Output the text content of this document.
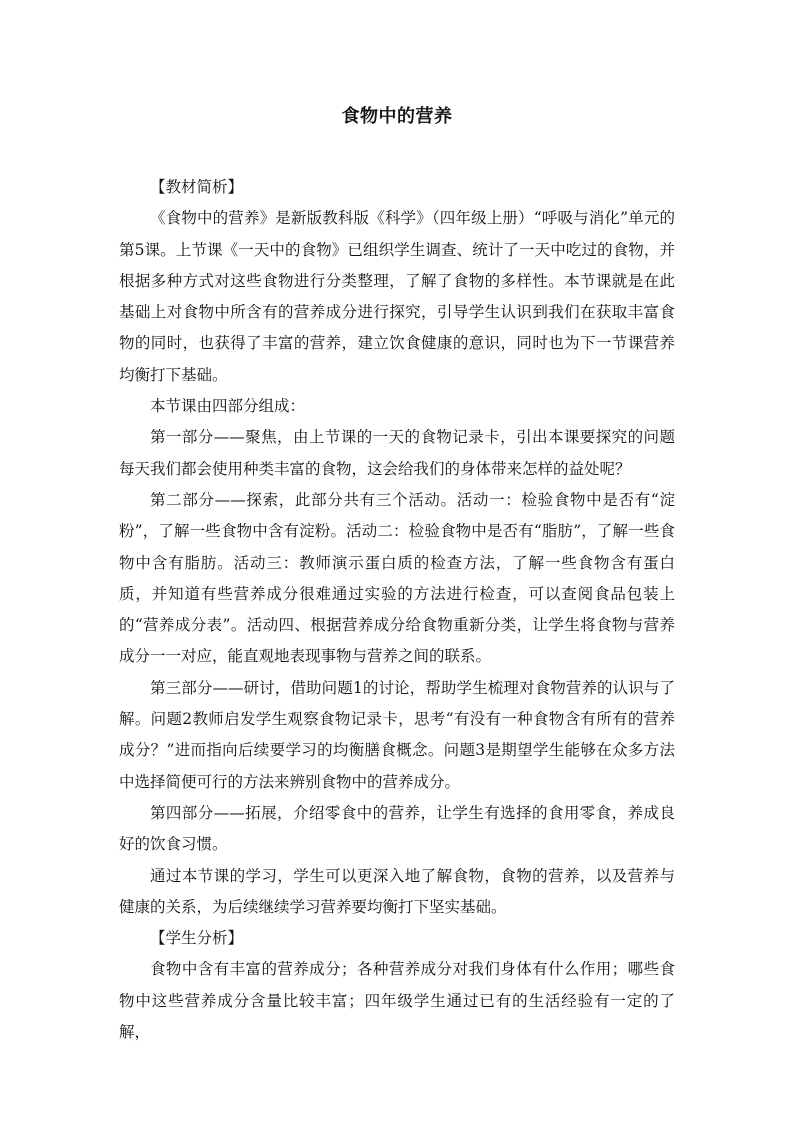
食物中的营养

【教材简析】

《食物中的营养》是新版教科版《科学》（四年级上册）“呼吸与消化”单元的第5课。上节课《一天中的食物》已组织学生调查、统计了一天中吃过的食物，并根据多种方式对这些食物进行分类整理，了解了食物的多样性。本节课就是在此基础上对食物中所含有的营养成分进行探究，引导学生认识到我们在获取丰富食物的同时，也获得了丰富的营养，建立饮食健康的意识，同时也为下一节课营养均衡打下基础。

本节课由四部分组成：

第一部分——聚焦，由上节课的一天的食物记录卡，引出本课要探究的问题每天我们都会使用种类丰富的食物，这会给我们的身体带来怎样的益处呢？

第二部分——探索，此部分共有三个活动。活动一：检验食物中是否有“淀粉”，了解一些食物中含有淀粉。活动二：检验食物中是否有“脂肪”，了解一些食物中含有脂肪。活动三：教师演示蛋白质的检查方法，了解一些食物含有蛋白质，并知道有些营养成分很难通过实验的方法进行检查，可以查阅食品包装上的“营养成分表”。活动四、根据营养成分给食物重新分类，让学生将食物与营养成分一一对应，能直观地表现事物与营养之间的联系。

第三部分——研讨，借助问题1的讨论，帮助学生梳理对食物营养的认识与了解。问题2教师启发学生观察食物记录卡，思考“有没有一种食物含有所有的营养成分？”进而指向后续要学习的均衡膳食概念。问题3是期望学生能够在众多方法中选择简便可行的方法来辨别食物中的营养成分。

第四部分——拓展，介绍零食中的营养，让学生有选择的食用零食，养成良好的饮食习惯。

通过本节课的学习，学生可以更深入地了解食物，食物的营养，以及营养与健康的关系，为后续继续学习营养要均衡打下坚实基础。

【学生分析】

食物中含有丰富的营养成分；各种营养成分对我们身体有什么作用；哪些食物中这些营养成分含量比较丰富；四年级学生通过已有的生活经验有一定的了解，
